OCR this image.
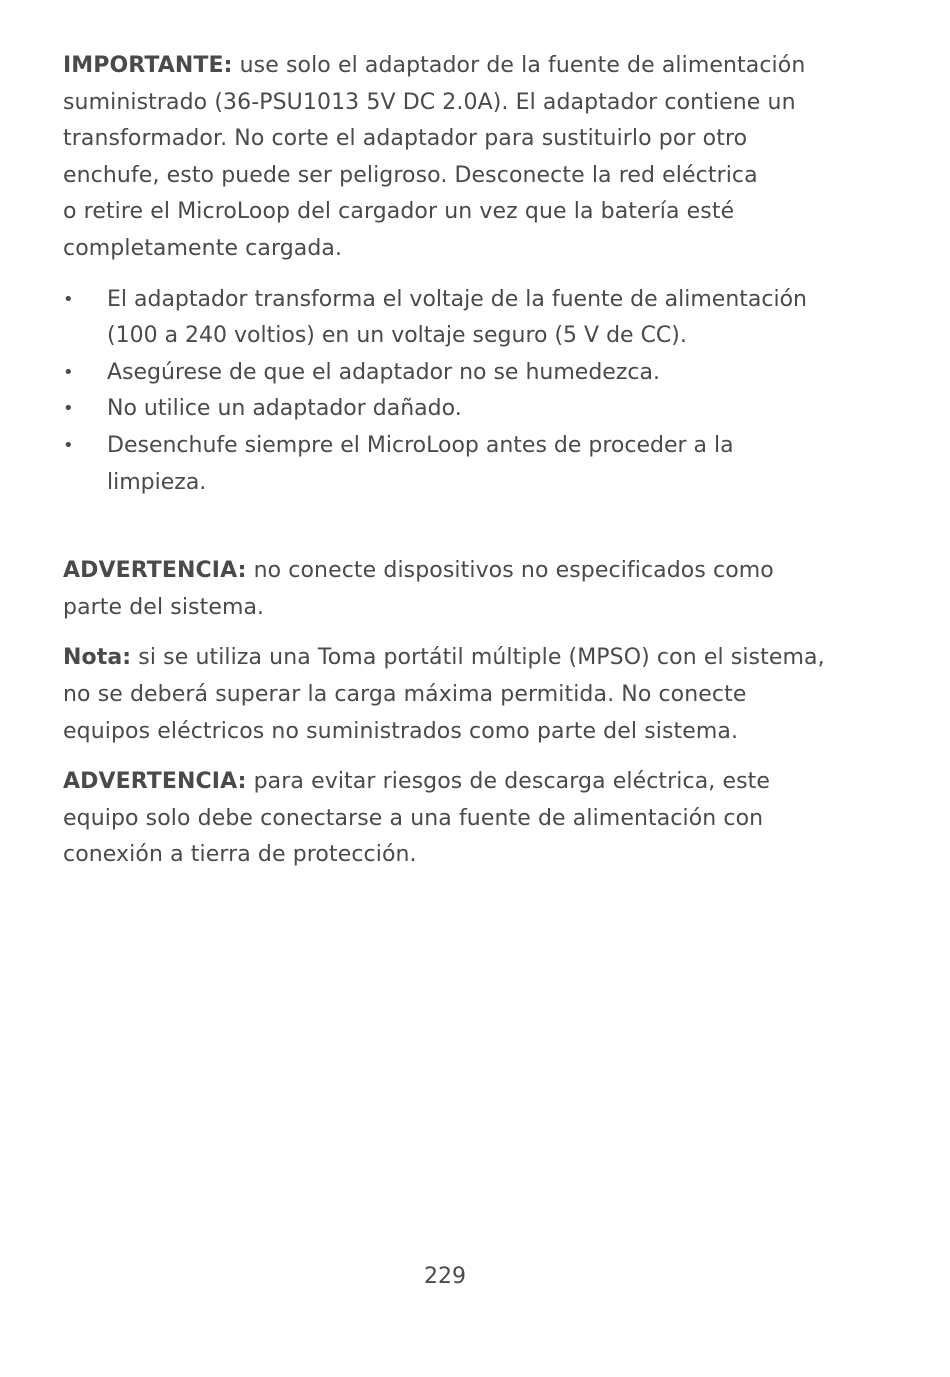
IMPORTANTE: use solo el adaptador de la fuente de alimentación
suministrado (36-PSU1013 5V DC 2.0A). El adaptador contiene un
transformador. No corte el adaptador para sustituirlo por otro
enchufe, esto puede ser peligroso. Desconecte la red eléctrica
o retire el MicroLoop del cargador un vez que la batería esté
completamente cargada.

•	El adaptador transforma el voltaje de la fuente de alimentación
(100 a 240 voltios) en un voltaje seguro (5 V de CC).
•	Asegúrese de que el adaptador no se humedezca.
•	No utilice un adaptador dañado.
•	Desenchufe siempre el MicroLoop antes de proceder a la
limpieza.

ADVERTENCIA: no conecte dispositivos no especificados como
parte del sistema.

Nota: si se utiliza una Toma portátil múltiple (MPSO) con el sistema,
no se deberá superar la carga máxima permitida. No conecte
equipos eléctricos no suministrados como parte del sistema.

ADVERTENCIA: para evitar riesgos de descarga eléctrica, este
equipo solo debe conectarse a una fuente de alimentación con
conexión a tierra de protección.

229
